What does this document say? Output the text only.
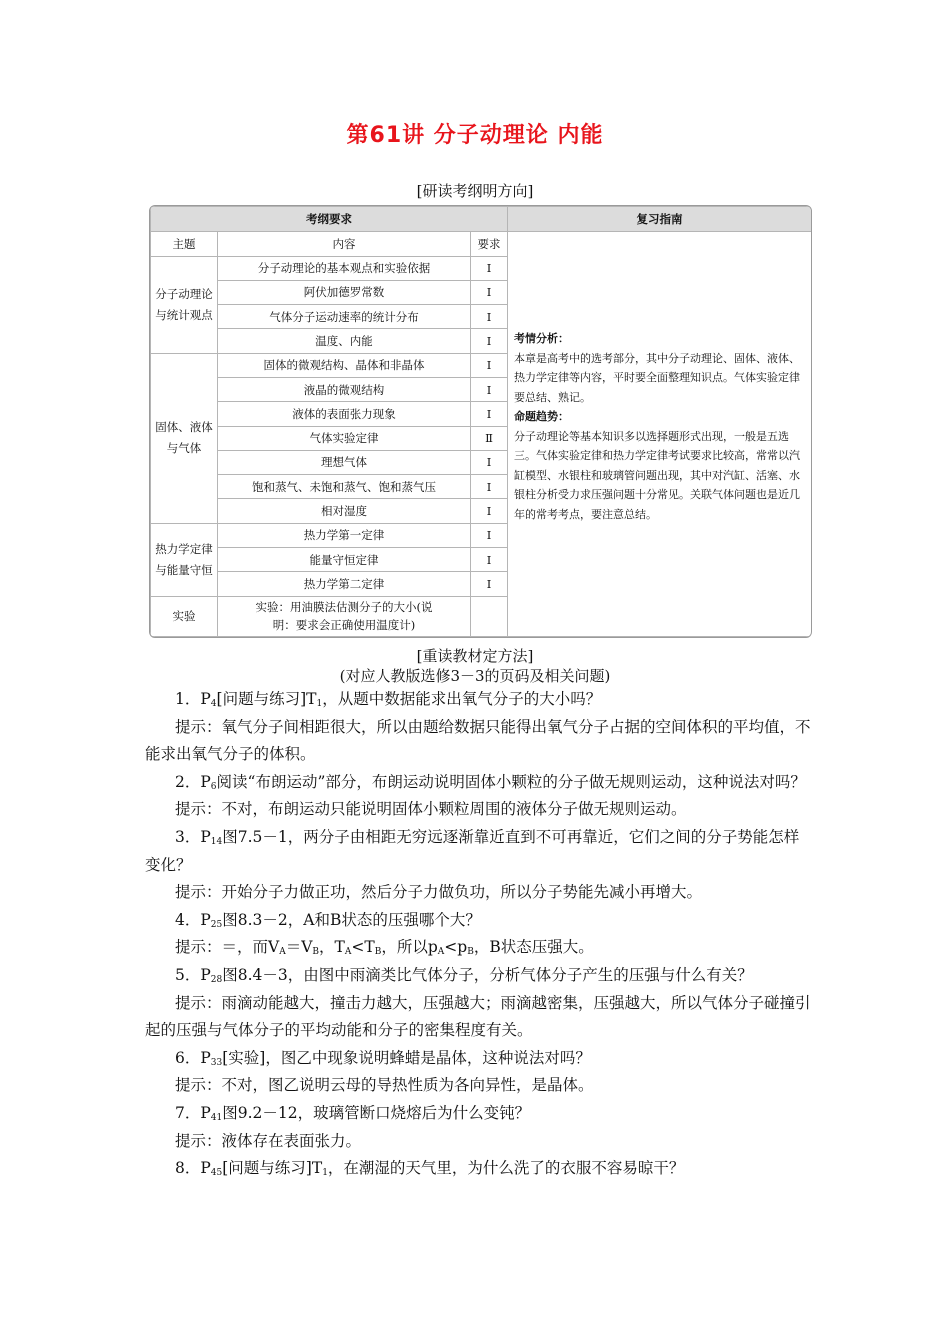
第61讲 分子动理论 内能
[研读考纲明方向]
考纲要求			复习指南
主题	内容	要求	考情分析：
本章是高考中的选考部分，其中分子动理论、固体、液体、热力学定律等内容，平时要全面整理知识点。气体实验定律要总结、熟记。
命题趋势：
分子动理论等基本知识多以选择题形式出现，一般是五选三。气体实验定律和热力学定律考试要求比较高，常常以汽缸模型、水银柱和玻璃管问题出现，其中对汽缸、活塞、水银柱分析受力求压强问题十分常见。关联气体问题也是近几年的常考考点，要注意总结。
分子动理论与统计观点	分子动理论的基本观点和实验依据	Ⅰ	
	阿伏加德罗常数	Ⅰ	
	气体分子运动速率的统计分布	Ⅰ	
	温度、内能	Ⅰ	
固体、液体与气体	固体的微观结构、晶体和非晶体	Ⅰ	
	液晶的微观结构	Ⅰ	
	液体的表面张力现象	Ⅰ	
	气体实验定律	Ⅱ	
	理想气体	Ⅰ	
	饱和蒸气、未饱和蒸气、饱和蒸气压	Ⅰ	
	相对湿度	Ⅰ	
热力学定律与能量守恒	热力学第一定律	Ⅰ	
	能量守恒定律	Ⅰ	
	热力学第二定律	Ⅰ	
实验	实验：用油膜法估测分子的大小(说明：要求会正确使用温度计)		
[重读教材定方法]
(对应人教版选修3－3的页码及相关问题)

1．$P_4$[问题与练习]$T_1$，从题中数据能求出氧气分子的大小吗？

提示：氧气分子间相距很大，所以由题给数据只能得出氧气分子占据的空间体积的平均值，不能求出氧气分子的体积。

2．$P_6$阅读“布朗运动”部分，布朗运动说明固体小颗粒的分子做无规则运动，这种说法对吗？

提示：不对，布朗运动只能说明固体小颗粒周围的液体分子做无规则运动。

3．$P_{14}$图7.5－1，两分子由相距无穷远逐渐靠近直到不可再靠近，它们之间的分子势能怎样变化？

提示：开始分子力做正功，然后分子力做负功，所以分子势能先减小再增大。

4．$P_{25}$图8.3－2，A和B状态的压强哪个大？

提示：＝，而$V_A=V_B$，$T_A<T_B$，所以$p_A<p_B$，B状态压强大。

5．$P_{28}$图8.4－3，由图中雨滴类比气体分子，分析气体分子产生的压强与什么有关？

提示：雨滴动能越大，撞击力越大，压强越大；雨滴越密集，压强越大，所以气体分子碰撞引起的压强与气体分子的平均动能和分子的密集程度有关。

6．$P_{33}$[实验]，图乙中现象说明蜂蜡是晶体，这种说法对吗？

提示：不对，图乙说明云母的导热性质为各向异性，是晶体。

7．$P_{41}$图9.2－12，玻璃管断口烧熔后为什么变钝？

提示：液体存在表面张力。

8．$P_{45}$[问题与练习]$T_1$，在潮湿的天气里，为什么洗了的衣服不容易晾干？
